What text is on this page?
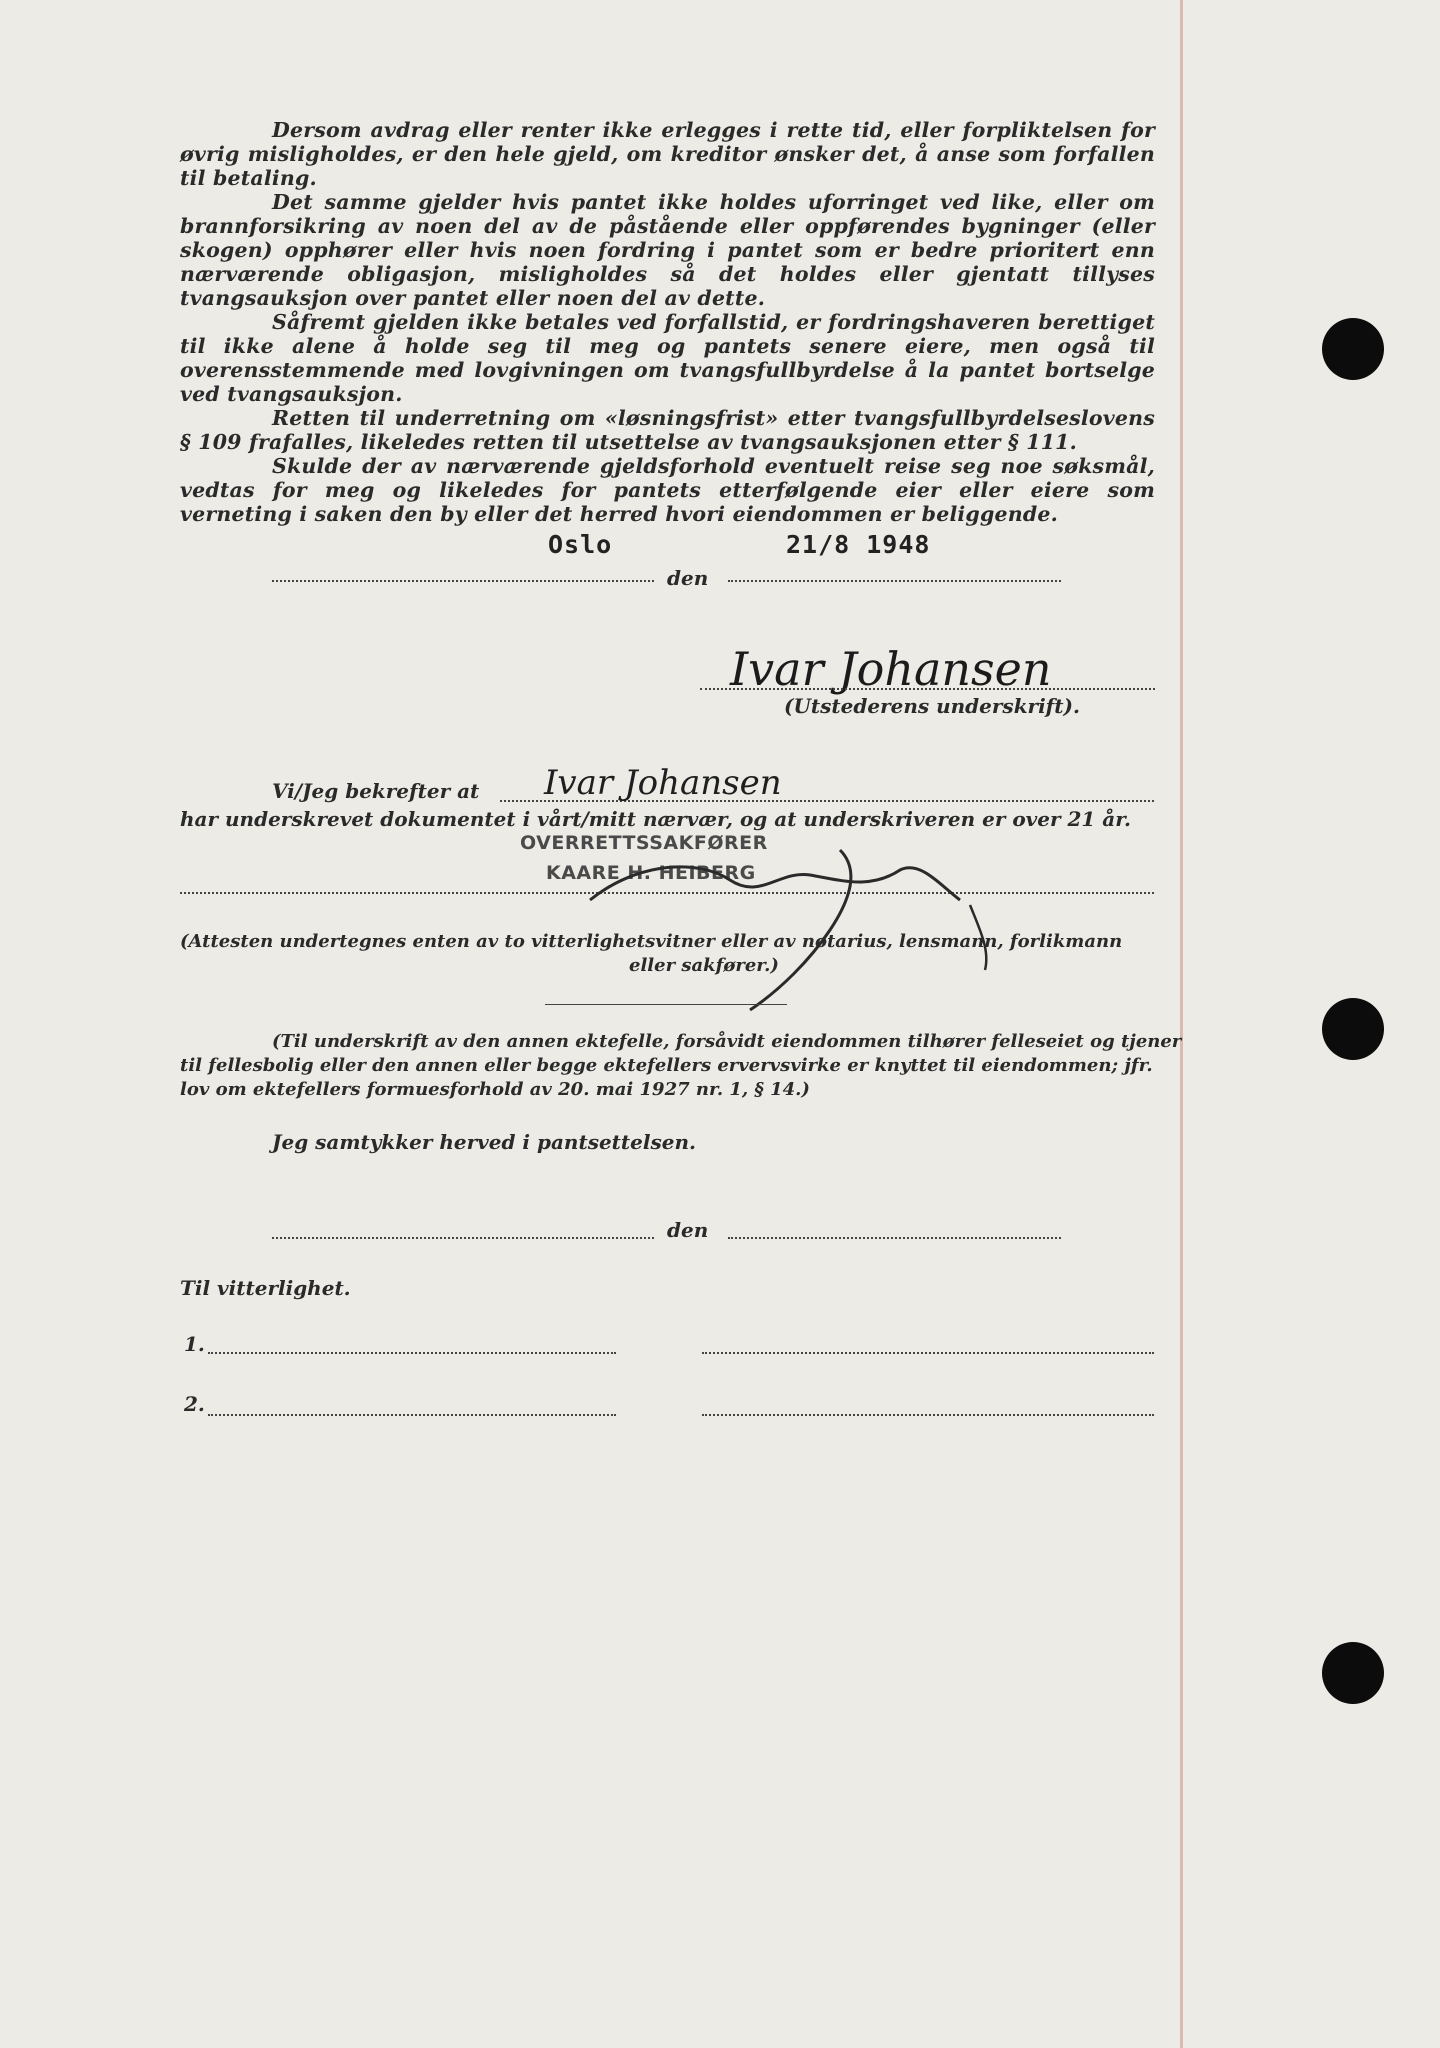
Dersom avdrag eller renter ikke erlegges i rette tid, eller forpliktelsen for øvrig misligholdes, er den hele gjeld, om kreditor ønsker det, å anse som forfallen til betaling.

Det samme gjelder hvis pantet ikke holdes uforringet ved like, eller om brannforsikring av noen del av de påstående eller oppførendes bygninger (eller skogen) opphører eller hvis noen fordring i pantet som er bedre prioritert enn nærværende obligasjon, misligholdes så det holdes eller gjentatt tillyses tvangsauksjon over pantet eller noen del av dette.

Såfremt gjelden ikke betales ved forfallstid, er fordringshaveren berettiget til ikke alene å holde seg til meg og pantets senere eiere, men også til overensstemmende med lovgivningen om tvangsfullbyrdelse å la pantet bortselge ved tvangsauksjon.

Retten til underretning om «løsningsfrist» etter tvangsfullbyrdelseslovens § 109 frafalles, likeledes retten til utsettelse av tvangsauksjonen etter § 111.

Skulde der av nærværende gjeldsforhold eventuelt reise seg noe søksmål, vedtas for meg og likeledes for pantets etterfølgende eier eller eiere som verneting i saken den by eller det herred hvori eiendommen er beliggende.

Oslo	21/8 1948
den
Ivar Johansen
(Utstederens underskrift).
Vi/Jeg bekrefter at Ivar Johansen
har underskrevet dokumentet i vårt/mitt nærvær, og at underskriveren er over 21 år.
OVERRETTSSAKFØRER
KAARE H. HEIBERG
(Attesten undertegnes enten av to vitterlighetsvitner eller av notarius, lensmann, forlikmann
eller sakfører.)
(Til underskrift av den annen ektefelle, forsåvidt eiendommen tilhører felleseiet og tjener
til fellesbolig eller den annen eller begge ektefellers ervervsvirke er knyttet til eiendommen; jfr.
lov om ektefellers formuesforhold av 20. mai 1927 nr. 1, § 14.)
Jeg samtykker herved i pantsettelsen.
den
Til vitterlighet.
1.
2.
